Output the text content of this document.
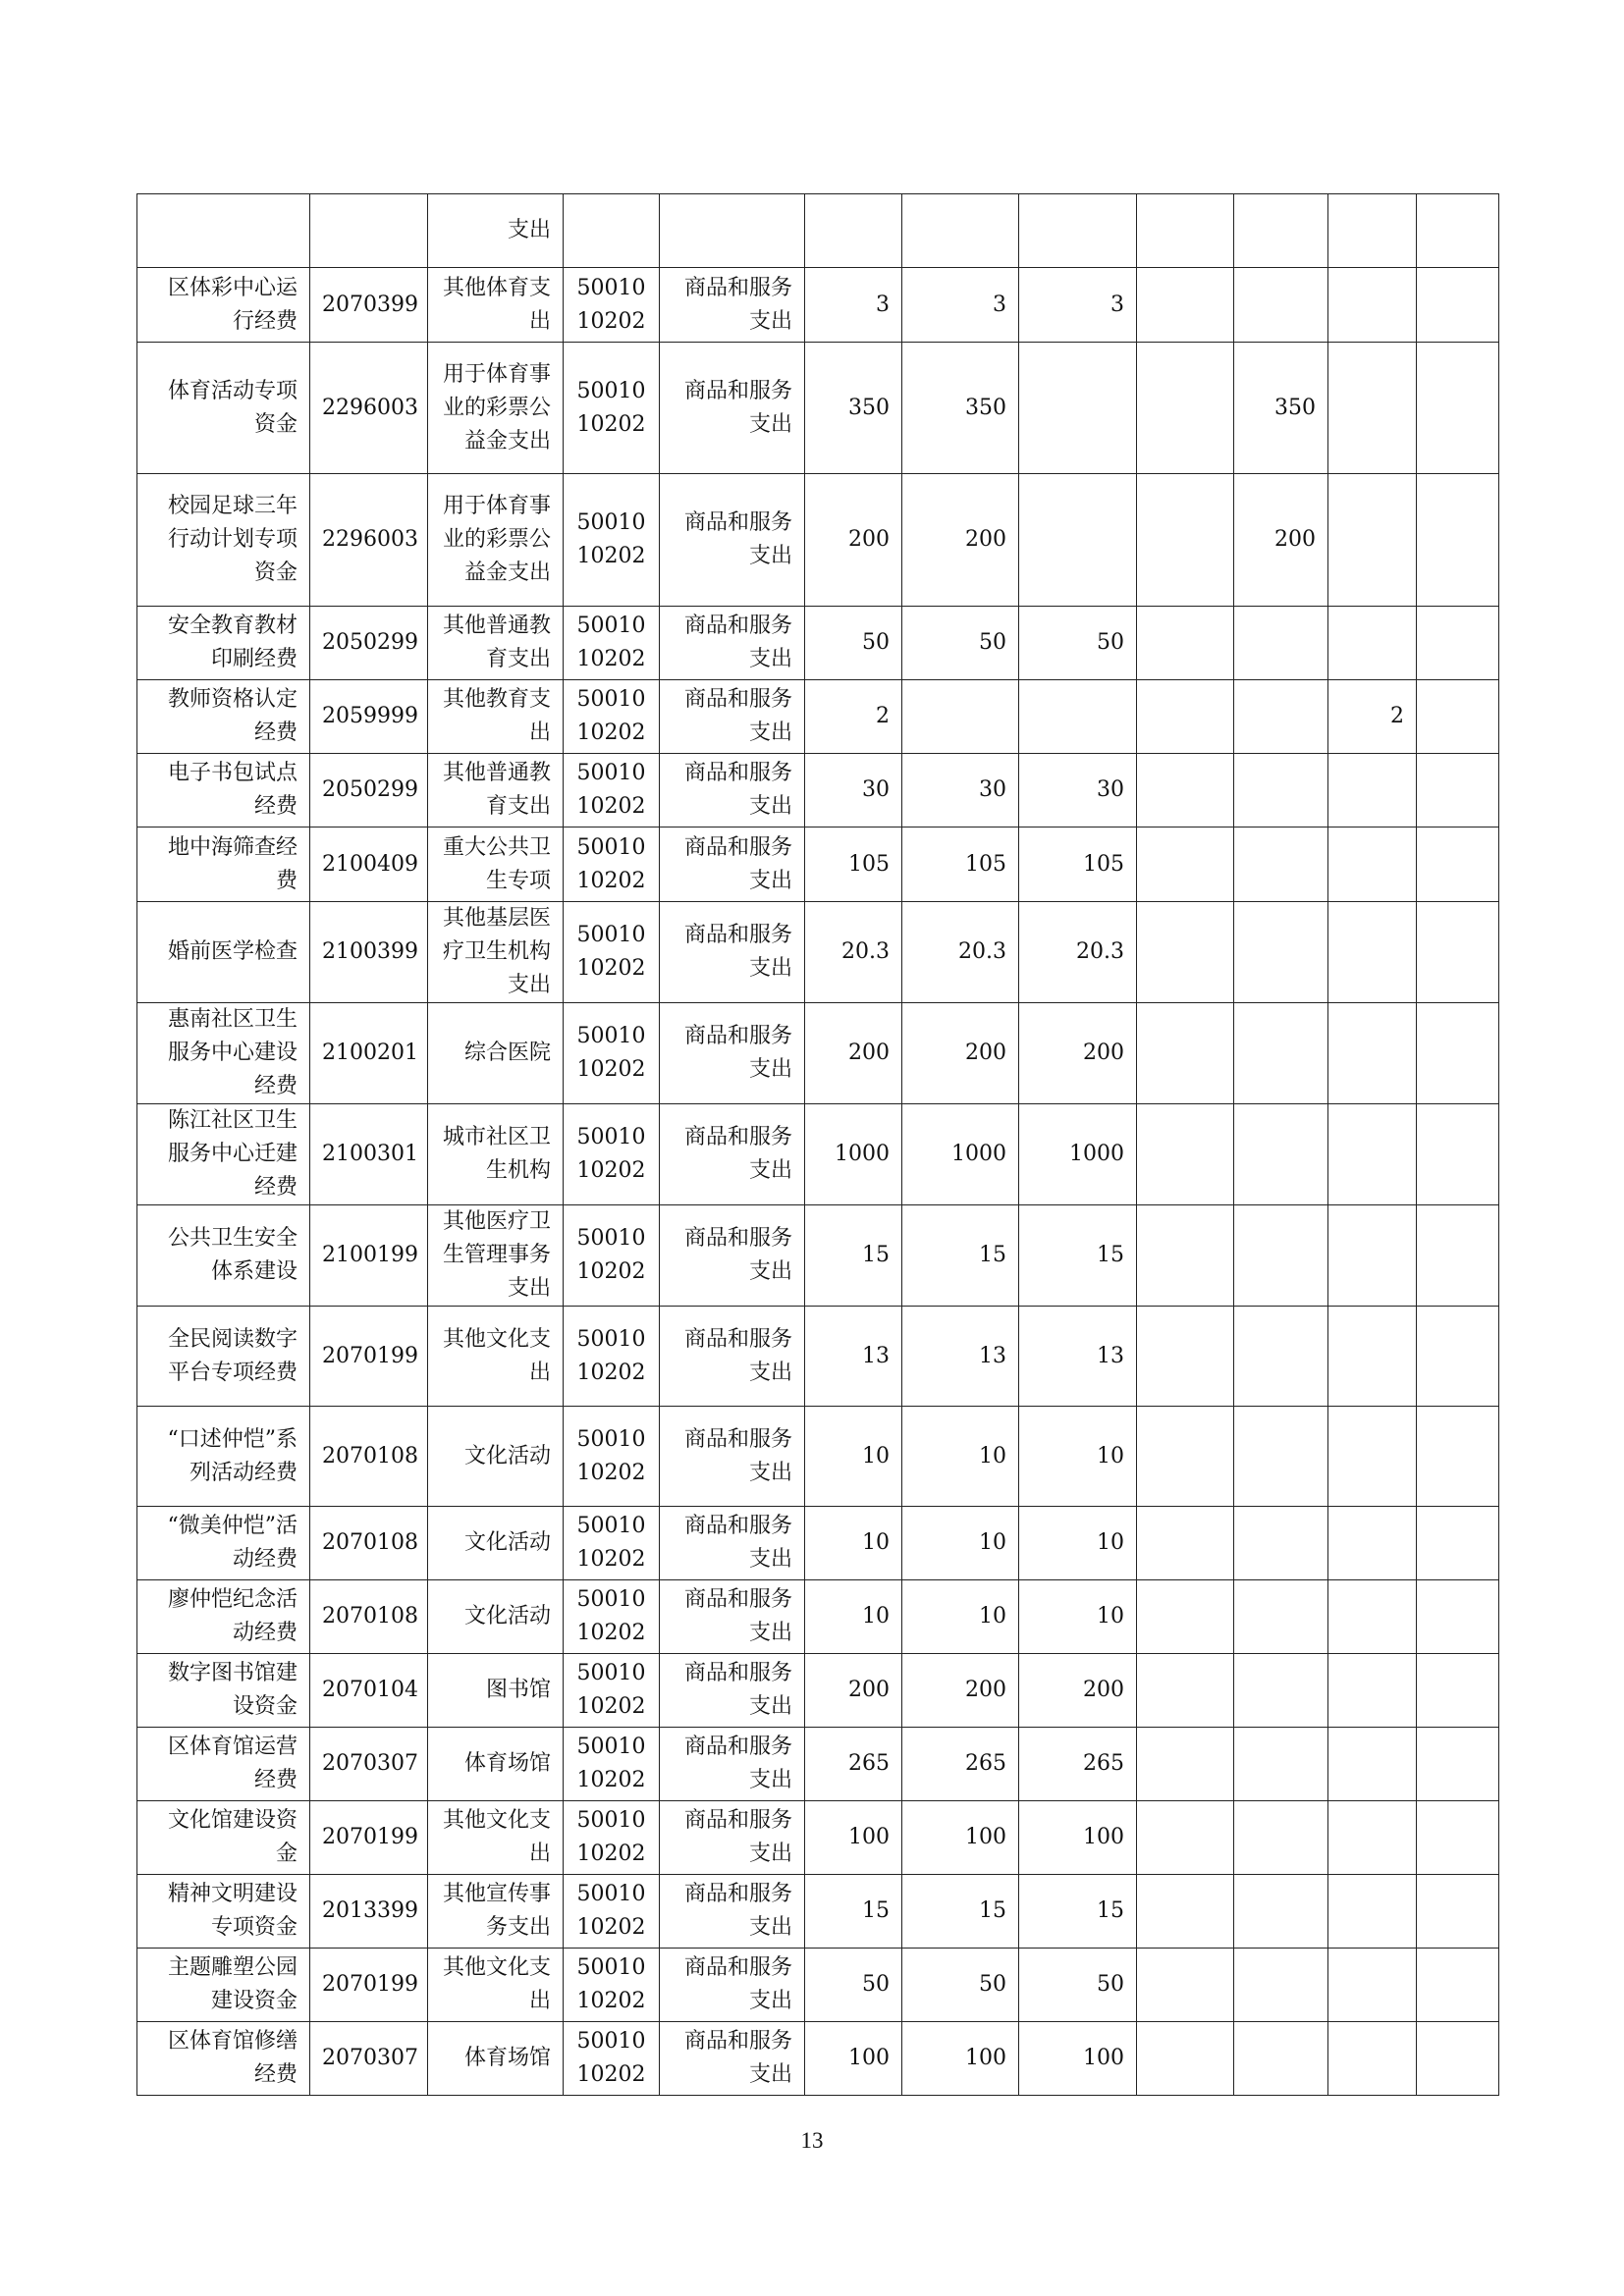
		支出									
区体彩中心运行经费	2070399	其他体育支出	5001010202	商品和服务支出	3	3	3				
体育活动专项资金	2296003	用于体育事业的彩票公益金支出	5001010202	商品和服务支出	350	350			350		
校园足球三年行动计划专项资金	2296003	用于体育事业的彩票公益金支出	5001010202	商品和服务支出	200	200			200		
安全教育教材印刷经费	2050299	其他普通教育支出	5001010202	商品和服务支出	50	50	50				
教师资格认定经费	2059999	其他教育支出	5001010202	商品和服务支出	2					2	
电子书包试点经费	2050299	其他普通教育支出	5001010202	商品和服务支出	30	30	30				
地中海筛查经费	2100409	重大公共卫生专项	5001010202	商品和服务支出	105	105	105				
婚前医学检查	2100399	其他基层医疗卫生机构支出	5001010202	商品和服务支出	20.3	20.3	20.3				
惠南社区卫生服务中心建设经费	2100201	综合医院	5001010202	商品和服务支出	200	200	200				
陈江社区卫生服务中心迁建经费	2100301	城市社区卫生机构	5001010202	商品和服务支出	1000	1000	1000				
公共卫生安全体系建设	2100199	其他医疗卫生管理事务支出	5001010202	商品和服务支出	15	15	15				
全民阅读数字平台专项经费	2070199	其他文化支出	5001010202	商品和服务支出	13	13	13				
“口述仲恺”系列活动经费	2070108	文化活动	5001010202	商品和服务支出	10	10	10				
“微美仲恺”活动经费	2070108	文化活动	5001010202	商品和服务支出	10	10	10				
廖仲恺纪念活动经费	2070108	文化活动	5001010202	商品和服务支出	10	10	10				
数字图书馆建设资金	2070104	图书馆	5001010202	商品和服务支出	200	200	200				
区体育馆运营经费	2070307	体育场馆	5001010202	商品和服务支出	265	265	265				
文化馆建设资金	2070199	其他文化支出	5001010202	商品和服务支出	100	100	100				
精神文明建设专项资金	2013399	其他宣传事务支出	5001010202	商品和服务支出	15	15	15				
主题雕塑公园建设资金	2070199	其他文化支出	5001010202	商品和服务支出	50	50	50				
区体育馆修缮经费	2070307	体育场馆	5001010202	商品和服务支出	100	100	100				
13
